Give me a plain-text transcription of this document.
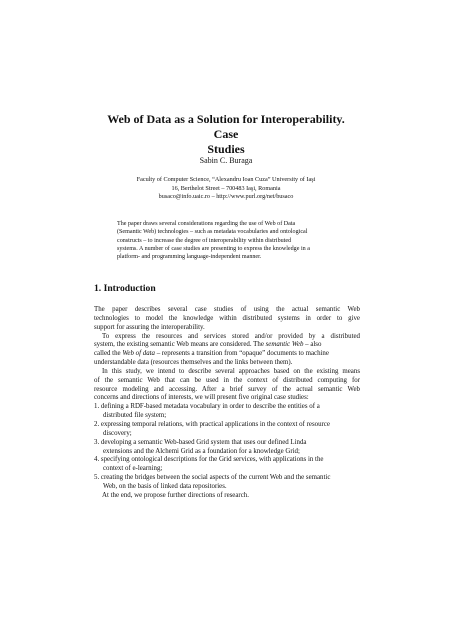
Web of Data as a Solution for Interoperability. Case
Studies
Sabin C. Buraga
Faculty of Computer Science, “Alexandru Ioan Cuza” University of Iaşi
16, Berthelot Street – 700483 Iaşi, Romania
busaco@info.uaic.ro – http://www.purl.org/net/busaco
The paper draws several considerations regarding the use of Web of Data
(Semantic Web) technologies – such as metadata vocabularies and ontological
constructs – to increase the degree of interoperability within distributed
systems. A number of case studies are presenting to express the knowledge in a
platform- and programming language-independent manner.
1. Introduction
The paper describes several case studies of using the actual semantic Web
technologies to model the knowledge within distributed systems in order to give
support for assuring the interoperability.
To express the resources and services stored and/or provided by a distributed
system, the existing semantic Web means are considered. The semantic Web – also
called the Web of data – represents a transition from “opaque” documents to machine
understandable data (resources themselves and the links between them).
In this study, we intend to describe several approaches based on the existing means
of the semantic Web that can be used in the context of distributed computing for
resource modeling and accessing. After a brief survey of the actual semantic Web
concerns and directions of interests, we will present five original case studies:
1. defining a RDF-based metadata vocabulary in order to describe the entities of a
distributed file system;
2. expressing temporal relations, with practical applications in the context of resource
discovery;
3. developing a semantic Web-based Grid system that uses our defined Linda
extensions and the Alchemi Grid as a foundation for a knowledge Grid;
4. specifying ontological descriptions for the Grid services, with applications in the
context of e-learning;
5. creating the bridges between the social aspects of the current Web and the semantic
Web, on the basis of linked data repositories.
At the end, we propose further directions of research.
